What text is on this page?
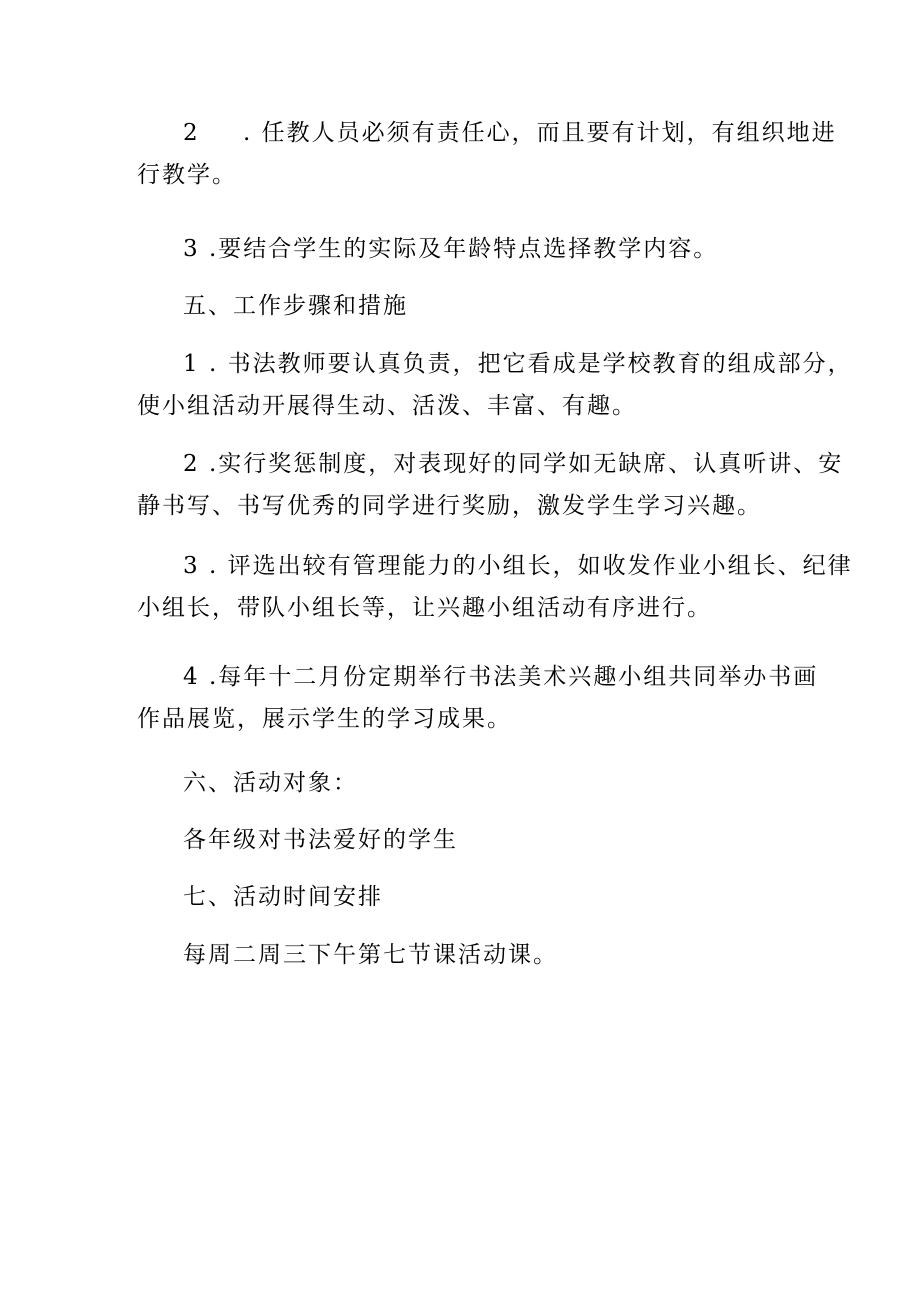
2 . 任教人员必须有责任心，而且要有计划，有组织地进
行教学。
3 .要结合学生的实际及年龄特点选择教学内容。
五、工作步骤和措施
1 . 书法教师要认真负责，把它看成是学校教育的组成部分，
使小组活动开展得生动、活泼、丰富、有趣。
2 .实行奖惩制度，对表现好的同学如无缺席、认真听讲、安
静书写、书写优秀的同学进行奖励，激发学生学习兴趣。
3 . 评选出较有管理能力的小组长，如收发作业小组长、纪律
小组长，带队小组长等，让兴趣小组活动有序进行。
4 .每年十二月份定期举行书法美术兴趣小组共同举办书画
作品展览，展示学生的学习成果。
六、活动对象：
各年级对书法爱好的学生
七、活动时间安排
每周二周三下午第七节课活动课。
